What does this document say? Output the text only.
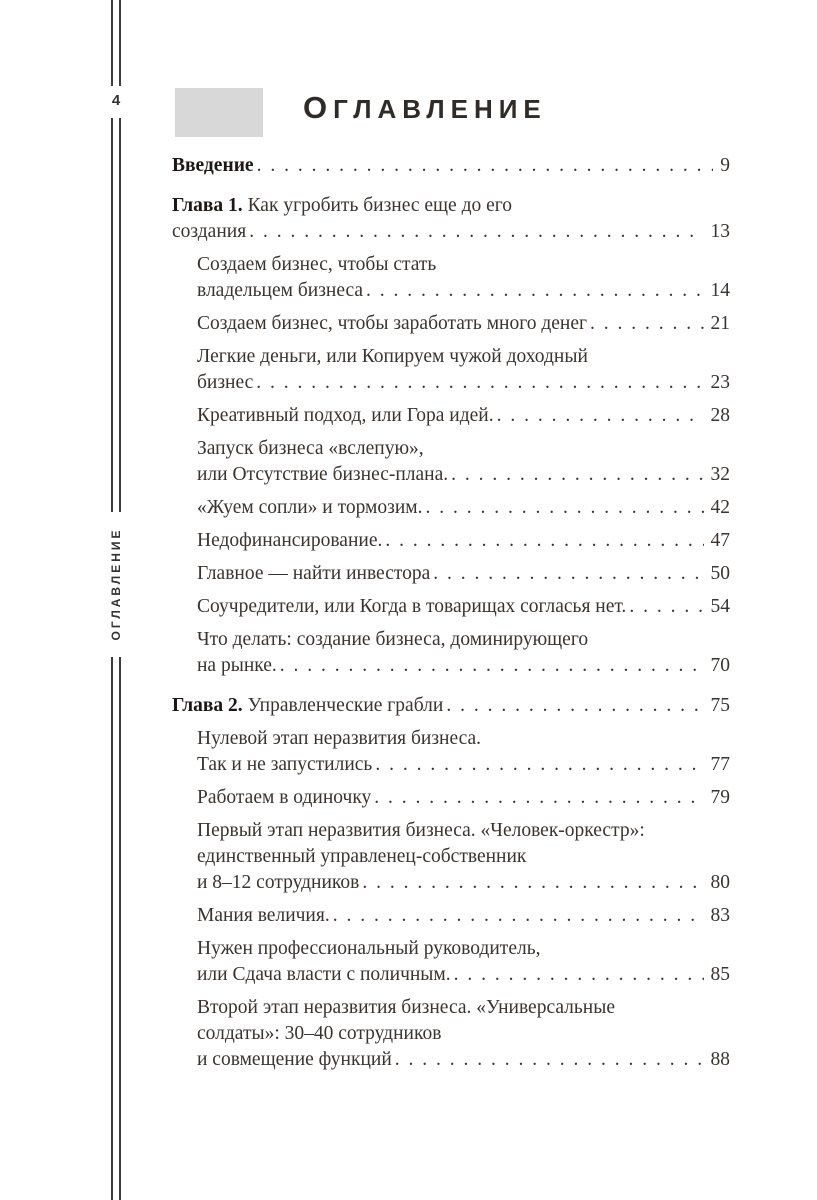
4
ОГЛАВЛЕНИЕ
ОГЛАВЛЕНИЕ
Введение . . .	9
Глава 1. Как угробить бизнес еще до его
создания . . .	13
Создаем бизнес, чтобы стать
владельцем бизнеса . . .	14
Создаем бизнес, чтобы заработать много денег . . .	21
Легкие деньги, или Копируем чужой доходный
бизнес . . .	23
Креативный подход, или Гора идей. . . .	28
Запуск бизнеса «вслепую»,
или Отсутствие бизнес-плана. . . .	32
«Жуем сопли» и тормозим. . . .	42
Недофинансирование. . . .	47
Главное — найти инвестора . . .	50
Соучредители, или Когда в товарищах согласья нет. . . .	54
Что делать: создание бизнеса, доминирующего
на рынке. . . .	70
Глава 2. Управленческие грабли . . .	75
Нулевой этап неразвития бизнеса.
Так и не запустились . . .	77
Работаем в одиночку . . .	79
Первый этап неразвития бизнеса. «Человек-оркестр»:
единственный управленец-собственник
и 8–12 сотрудников . . .	80
Мания величия. . . .	83
Нужен профессиональный руководитель,
или Сдача власти с поличным. . . .	85
Второй этап неразвития бизнеса. «Универсальные
солдаты»: 30–40 сотрудников
и совмещение функций . . .	88
